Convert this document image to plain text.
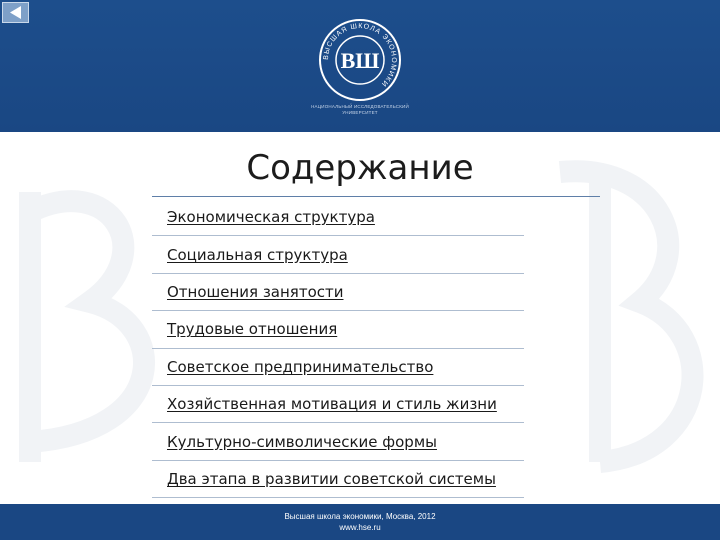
ВЫСШАЯ ШКОЛА ЭКОНОМИКИ
ВШ
НАЦИОНАЛЬНЫЙ ИССЛЕДОВАТЕЛЬСКИЙ УНИВЕРСИТЕТ
Содержание
Экономическая структура
Социальная структура
Отношения занятости
Трудовые отношения
Советское предпринимательство
Хозяйственная мотивация и стиль жизни
Культурно-символические формы
Два этапа в развитии советской системы
Высшая школа экономики, Москва, 2012
www.hse.ru
